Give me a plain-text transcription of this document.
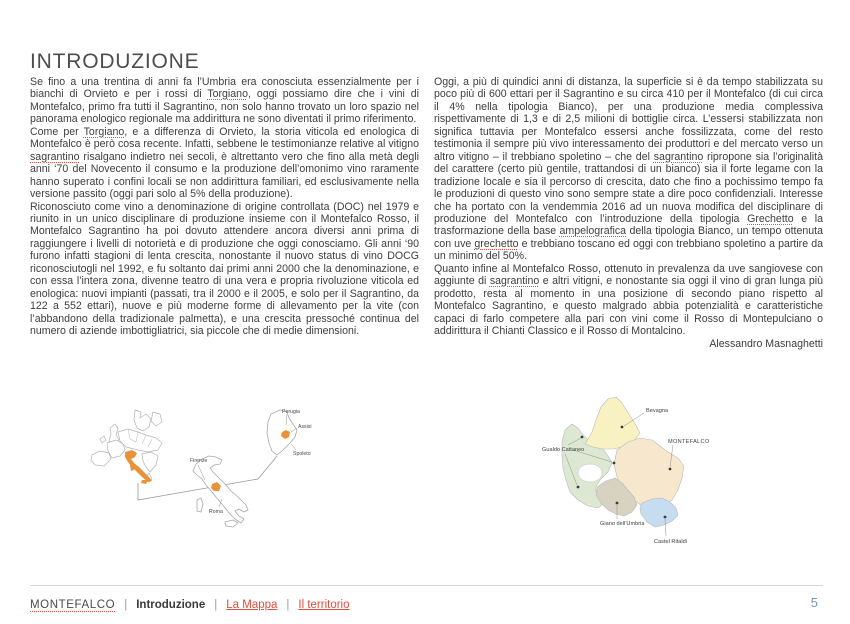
INTRODUZIONE

Se fino a una trentina di anni fa l’Umbria era conosciuta essenzialmente per i bianchi di Orvieto e per i rossi di Torgiano, oggi possiamo dire che i vini di Montefalco, primo fra tutti il Sagrantino, non solo hanno trovato un loro spazio nel panorama enologico regionale ma addirittura ne sono diventati il primo riferimento.

Come per Torgiano, e a differenza di Orvieto, la storia viticola ed enologica di Montefalco è però cosa recente. Infatti, sebbene le testimonianze relative al vitigno sagrantino risalgano indietro nei secoli, è altrettanto vero che fino alla metà degli anni ‘70 del Novecento il consumo e la produzione dell’omonimo vino raramente hanno superato i confini locali se non addirittura familiari, ed esclusivamente nella versione passito (oggi pari solo al 5% della produzione).

Riconosciuto come vino a denominazione di origine controllata (DOC) nel 1979 e riunito in un unico disciplinare di produzione insieme con il Montefalco Rosso, il Montefalco Sagrantino ha poi dovuto attendere ancora diversi anni prima di raggiungere i livelli di notorietà e di produzione che oggi conosciamo. Gli anni ‘90 furono infatti stagioni di lenta crescita, nonostante il nuovo status di vino DOCG riconosciutogli nel 1992, e fu soltanto dai primi anni 2000 che la denominazione, e con essa l’intera zona, divenne teatro di una vera e propria rivoluzione viticola ed enologica: nuovi impianti (passati, tra il 2000 e il 2005, e solo per il Sagrantino, da 122 a 552 ettari), nuove e più moderne forme di allevamento per la vite (con l’abbandono della tradizionale palmetta), e una crescita pressoché continua del numero di aziende imbottigliatrici, sia piccole che di medie dimensioni.

Oggi, a più di quindici anni di distanza, la superficie si è da tempo stabilizzata su poco più di 600 ettari per il Sagrantino e su circa 410 per il Montefalco (di cui circa il 4% nella tipologia Bianco), per una produzione media complessiva rispettivamente di 1,3 e di 2,5 milioni di bottiglie circa. L’essersi stabilizzata non significa tuttavia per Montefalco essersi anche fossilizzata, come del resto testimonia il sempre più vivo interessamento dei produttori e del mercato verso un altro vitigno – il trebbiano spoletino – che del sagrantino ripropone sia l’originalità del carattere (certo più gentile, trattandosi di un bianco) sia il forte legame con la tradizione locale e sia il percorso di crescita, dato che fino a pochissimo tempo fa le produzioni di questo vino sono sempre state a dire poco confidenziali. Interesse che ha portato con la vendemmia 2016 ad un nuova modifica del disciplinare di produzione del Montefalco con l’introduzione della tipologia Grechetto e la trasformazione della base ampelografica della tipologia Bianco, un tempo ottenuta con uve grechetto e trebbiano toscano ed oggi con trebbiano spoletino a partire da un minimo del 50%.

Quanto infine al Montefalco Rosso, ottenuto in prevalenza da uve sangiovese con aggiunte di sagrantino e altri vitigni, e nonostante sia oggi il vino di gran lunga più prodotto, resta al momento in una posizione di secondo piano rispetto al Montefalco Sagrantino, e questo malgrado abbia potenzialità e caratteristiche capaci di farlo competere alla pari con vini come il Rosso di Montepulciano o addirittura il Chianti Classico e il Rosso di Montalcino.

Alessandro Masnaghetti

Firenze
Roma
Perugia
Assisi
Spoleto
Bevagna
MONTEFALCO
Gualdo Cattaneo
Giano dell’Umbria
Castel Ritaldi
MONTEFALCO | Introduzione | La Mappa | Il territorio	5
